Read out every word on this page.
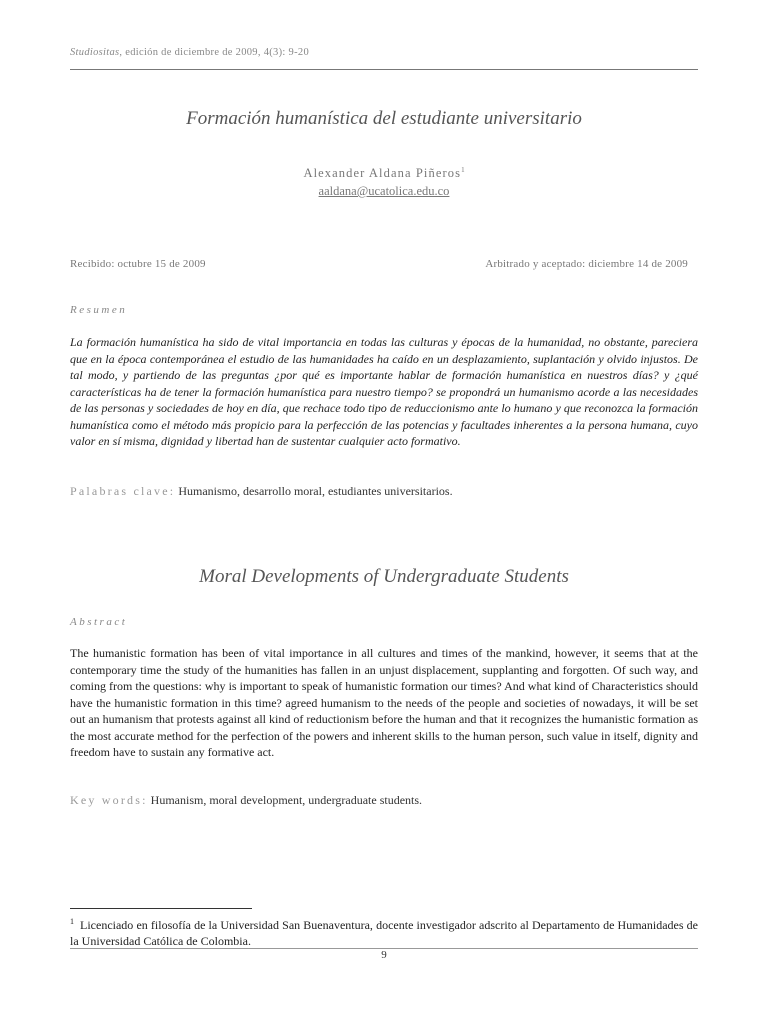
Studiositas, edición de diciembre de 2009, 4(3): 9-20
Formación humanística del estudiante universitario
Alexander Aldana Piñeros$^1$
aaldana@ucatolica.edu.co
Recibido: octubre 15 de 2009	Arbitrado y aceptado: diciembre 14 de 2009
Resumen
La formación humanística ha sido de vital importancia en todas las culturas y épocas de la humanidad, no obstante, pareciera que en la época contemporánea el estudio de las humanidades ha caído en un desplazamiento, suplantación y olvido injustos. De tal modo, y partiendo de las preguntas ¿por qué es importante hablar de formación humanística en nuestros días? y ¿qué características ha de tener la formación humanística para nuestro tiempo? se propondrá un humanismo acorde a las necesidades de las personas y sociedades de hoy en día, que rechace todo tipo de reduccionismo ante lo humano y que reconozca la formación humanística como el método más propicio para la perfección de las potencias y facultades inherentes a la persona humana, cuyo valor en sí misma, dignidad y libertad han de sustentar cualquier acto formativo.
Palabras clave: Humanismo, desarrollo moral, estudiantes universitarios.
Moral Developments of Undergraduate Students
Abstract
The humanistic formation has been of vital importance in all cultures and times of the mankind, however, it seems that at the contemporary time the study of the humanities has fallen in an unjust displacement, supplanting and forgotten. Of such way, and coming from the questions: why is important to speak of humanistic formation our times? And what kind of Characteristics should have the humanistic formation in this time? agreed humanism to the needs of the people and societies of nowadays, it will be set out an humanism that protests against all kind of reductionism before the human and that it recognizes the humanistic formation as the most accurate method for the perfection of the powers and inherent skills to the human person, such value in itself, dignity and freedom have to sustain any formative act.
Key words: Humanism, moral development, undergraduate students.
$^1$ Licenciado en filosofía de la Universidad San Buenaventura, docente investigador adscrito al Departamento de Humanidades de la Universidad Católica de Colombia.
9
